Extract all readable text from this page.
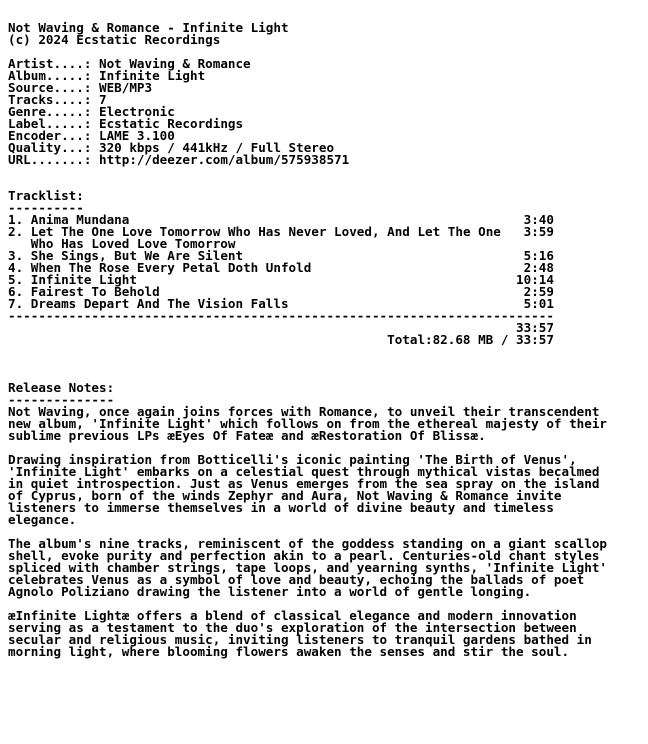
Not Waving & Romance - Infinite Light
(c) 2024 Ecstatic Recordings
Artist....: Not Waving & Romance
Album.....: Infinite Light
Source....: WEB/MP3
Tracks....: 7
Genre.....: Electronic
Label.....: Ecstatic Recordings
Encoder...: LAME 3.100
Quality...: 320 kbps / 441kHz / Full Stereo
URL.......: http://deezer.com/album/575938571
Tracklist:
----------
1. Anima Mundana	3:40
2. Let The One Love Tomorrow Who Has Never Loved, And Let The One 3:59
Who Has Loved Love Tomorrow
3. She Sings, But We Are Silent	5:16
4. When The Rose Every Petal Doth Unfold	2:48
5. Infinite Light	10:14
6. Fairest To Behold	2:59
7. Dreams Depart And The Vision Falls	5:01
------------------------------------------------------------------------
33:57
Total:82.68 MB / 33:57
Release Notes:
--------------
Not Waving, once again joins forces with Romance, to unveil their transcendent
new album, 'Infinite Light' which follows on from the ethereal majesty of their
sublime previous LPs æEyes Of Fateæ and æRestoration Of Blissæ.
Drawing inspiration from Botticelli's iconic painting 'The Birth of Venus',
'Infinite Light' embarks on a celestial quest through mythical vistas becalmed
in quiet introspection. Just as Venus emerges from the sea spray on the island
of Cyprus, born of the winds Zephyr and Aura, Not Waving & Romance invite
listeners to immerse themselves in a world of divine beauty and timeless
elegance.
The album's nine tracks, reminiscent of the goddess standing on a giant scallop
shell, evoke purity and perfection akin to a pearl. Centuries-old chant styles
spliced with chamber strings, tape loops, and yearning synths, 'Infinite Light'
celebrates Venus as a symbol of love and beauty, echoing the ballads of poet
Agnolo Poliziano drawing the listener into a world of gentle longing.
æInfinite Lightæ offers a blend of classical elegance and modern innovation
serving as a testament to the duo's exploration of the intersection between
secular and religious music, inviting listeners to tranquil gardens bathed in
morning light, where blooming flowers awaken the senses and stir the soul.
